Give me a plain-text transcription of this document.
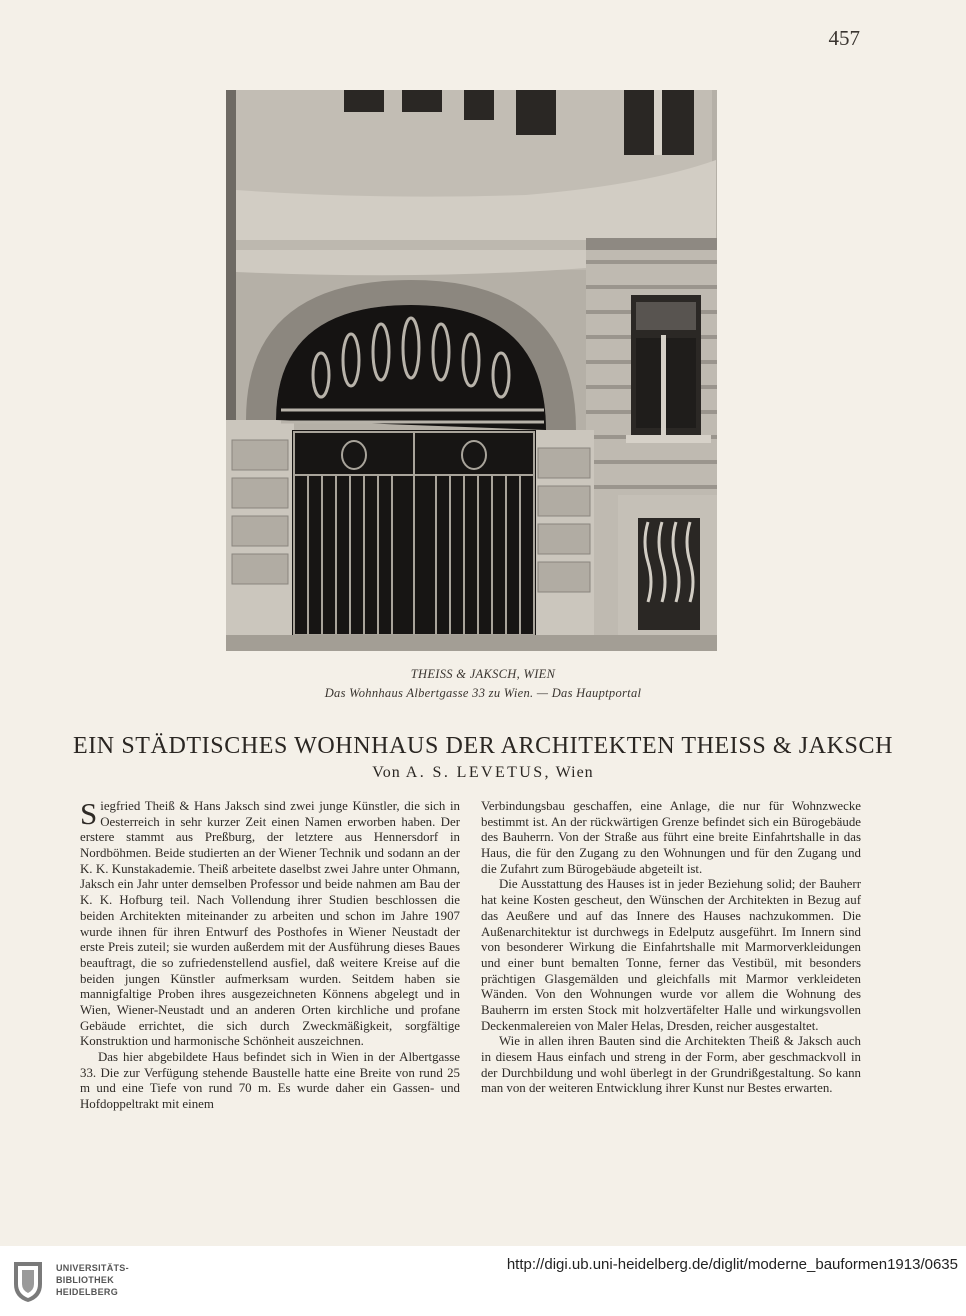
457
THEISS & JAKSCH, WIEN
Das Wohnhaus Albertgasse 33 zu Wien. — Das Hauptportal
EIN STÄDTISCHES WOHNHAUS DER ARCHITEKTEN THEISS & JAKSCH
Von A. S. LEVETUS, Wien

Siegfried Theiß & Hans Jaksch sind zwei junge Künstler, die sich in Oesterreich in sehr kurzer Zeit einen Namen erworben haben. Der erstere stammt aus Preßburg, der letztere aus Hennersdorf in Nordböhmen. Beide studierten an der Wiener Technik und sodann an der K. K. Kunstakademie. Theiß arbeitete daselbst zwei Jahre unter Ohmann, Jaksch ein Jahr unter demselben Professor und beide nahmen am Bau der K. K. Hofburg teil. Nach Vollendung ihrer Studien beschlossen die beiden Architekten miteinander zu arbeiten und schon im Jahre 1907 wurde ihnen für ihren Entwurf des Posthofes in Wiener Neustadt der erste Preis zuteil; sie wurden außerdem mit der Ausführung dieses Baues beauftragt, die so zufriedenstellend ausfiel, daß weitere Kreise auf die beiden jungen Künstler aufmerksam wurden. Seitdem haben sie mannigfaltige Proben ihres ausgezeichneten Könnens abgelegt und in Wien, Wiener-Neustadt und an anderen Orten kirchliche und profane Gebäude errichtet, die sich durch Zweckmäßigkeit, sorgfältige Konstruktion und harmonische Schönheit auszeichnen.

Das hier abgebildete Haus befindet sich in Wien in der Albertgasse 33. Die zur Verfügung stehende Baustelle hatte eine Breite von rund 25 m und eine Tiefe von rund 70 m. Es wurde daher ein Gassen- und Hofdoppeltrakt mit einem

Verbindungsbau geschaffen, eine Anlage, die nur für Wohnzwecke bestimmt ist. An der rückwärtigen Grenze befindet sich ein Bürogebäude des Bauherrn. Von der Straße aus führt eine breite Einfahrtshalle in das Haus, die für den Zugang zu den Wohnungen und für den Zugang und die Zufahrt zum Bürogebäude abgeteilt ist.

Die Ausstattung des Hauses ist in jeder Beziehung solid; der Bauherr hat keine Kosten gescheut, den Wünschen der Architekten in Bezug auf das Aeußere und auf das Innere des Hauses nachzukommen. Die Außenarchitektur ist durchwegs in Edelputz ausgeführt. Im Innern sind von besonderer Wirkung die Einfahrtshalle mit Marmorverkleidungen und einer bunt bemalten Tonne, ferner das Vestibül, mit besonders prächtigen Glasgemälden und gleichfalls mit Marmor verkleideten Wänden. Von den Wohnungen wurde vor allem die Wohnung des Bauherrn im ersten Stock mit holzvertäfelter Halle und wirkungsvollen Deckenmalereien von Maler Helas, Dresden, reicher ausgestaltet.

Wie in allen ihren Bauten sind die Architekten Theiß & Jaksch auch in diesem Haus einfach und streng in der Form, aber geschmackvoll in der Durchbildung und wohl überlegt in der Grundrißgestaltung. So kann man von der weiteren Entwicklung ihrer Kunst nur Bestes erwarten.

UNIVERSITÄTS-
BIBLIOTHEK
HEIDELBERG
http://digi.ub.uni-heidelberg.de/diglit/moderne_bauformen1913/0635
